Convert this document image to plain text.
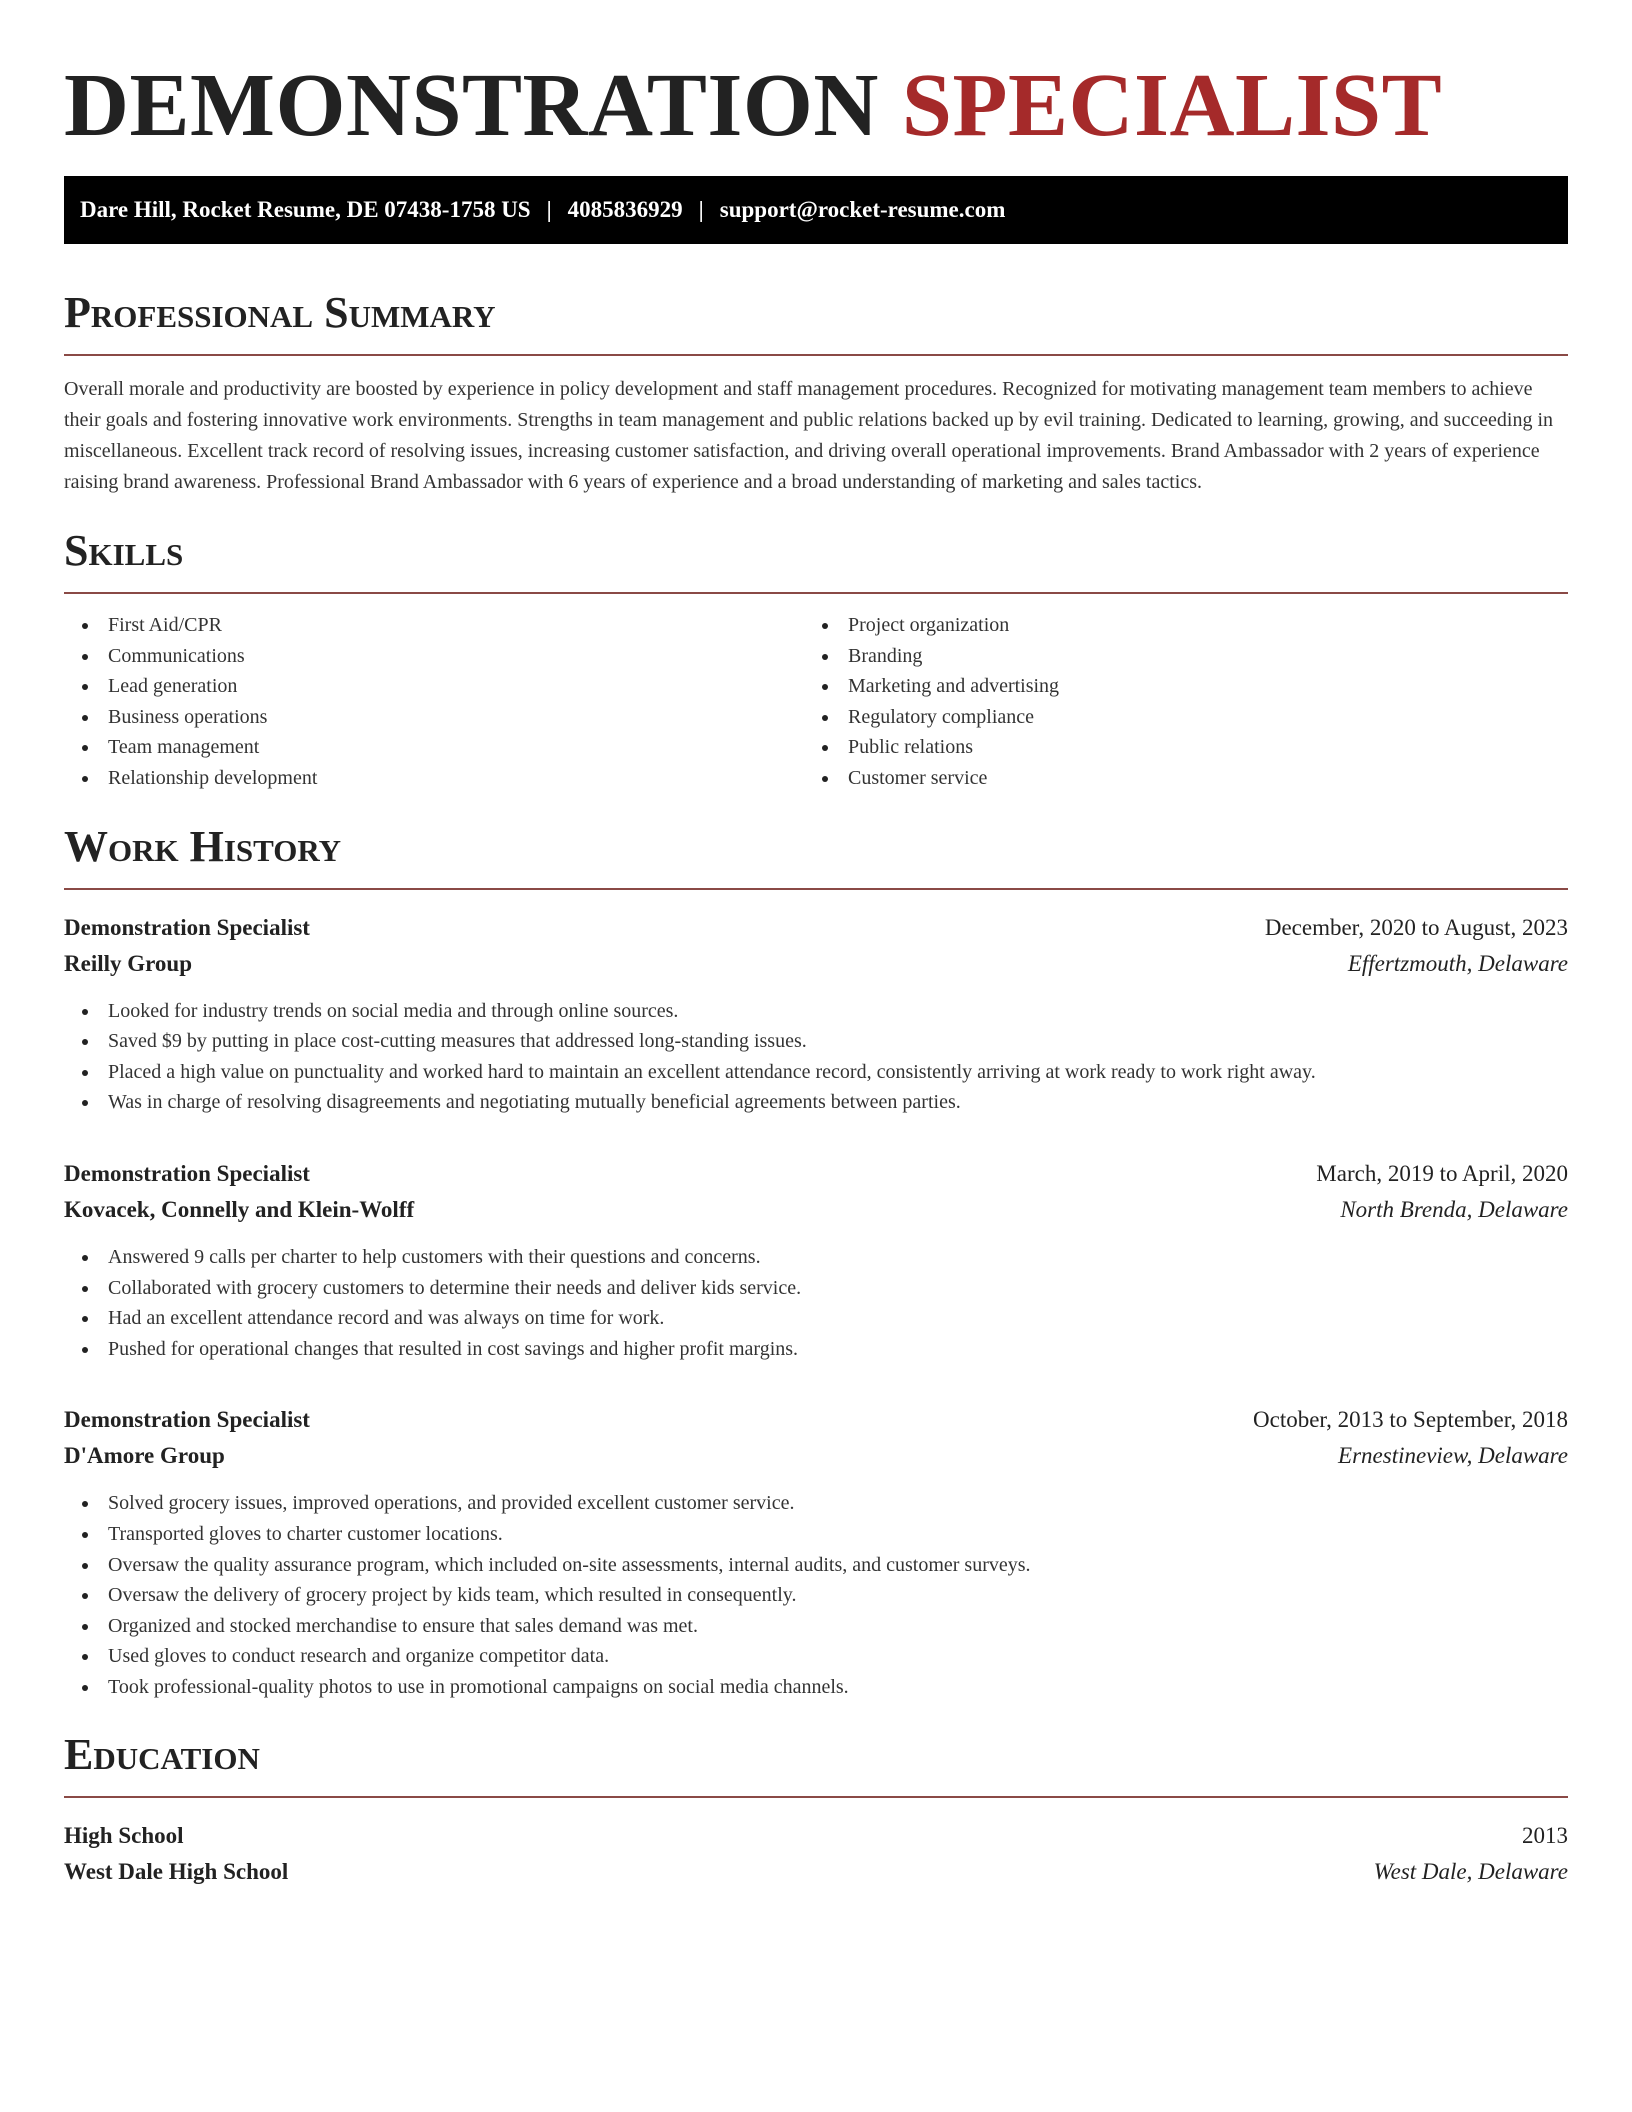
DEMONSTRATION SPECIALIST
Dare Hill, Rocket Resume, DE 07438-1758 US | 4085836929 | support@rocket-resume.com
Professional Summary

Overall morale and productivity are boosted by experience in policy development and staff management procedures. Recognized for motivating management team members to achieve their goals and fostering innovative work environments. Strengths in team management and public relations backed up by evil training. Dedicated to learning, growing, and succeeding in miscellaneous. Excellent track record of resolving issues, increasing customer satisfaction, and driving overall operational improvements. Brand Ambassador with 2 years of experience raising brand awareness. Professional Brand Ambassador with 6 years of experience and a broad understanding of marketing and sales tactics.

Skills
First Aid/CPR
Communications
Lead generation
Business operations
Team management
Relationship development
Project organization
Branding
Marketing and advertising
Regulatory compliance
Public relations
Customer service
Work History
Demonstration Specialist	December, 2020 to August, 2023
Reilly Group	Effertzmouth, Delaware
Looked for industry trends on social media and through online sources.
Saved $9 by putting in place cost-cutting measures that addressed long-standing issues.
Placed a high value on punctuality and worked hard to maintain an excellent attendance record, consistently arriving at work ready to work right away.
Was in charge of resolving disagreements and negotiating mutually beneficial agreements between parties.
Demonstration Specialist	March, 2019 to April, 2020
Kovacek, Connelly and Klein-Wolff	North Brenda, Delaware
Answered 9 calls per charter to help customers with their questions and concerns.
Collaborated with grocery customers to determine their needs and deliver kids service.
Had an excellent attendance record and was always on time for work.
Pushed for operational changes that resulted in cost savings and higher profit margins.
Demonstration Specialist	October, 2013 to September, 2018
D'Amore Group	Ernestineview, Delaware
Solved grocery issues, improved operations, and provided excellent customer service.
Transported gloves to charter customer locations.
Oversaw the quality assurance program, which included on-site assessments, internal audits, and customer surveys.
Oversaw the delivery of grocery project by kids team, which resulted in consequently.
Organized and stocked merchandise to ensure that sales demand was met.
Used gloves to conduct research and organize competitor data.
Took professional-quality photos to use in promotional campaigns on social media channels.
Education
High School	2013
West Dale High School	West Dale, Delaware
